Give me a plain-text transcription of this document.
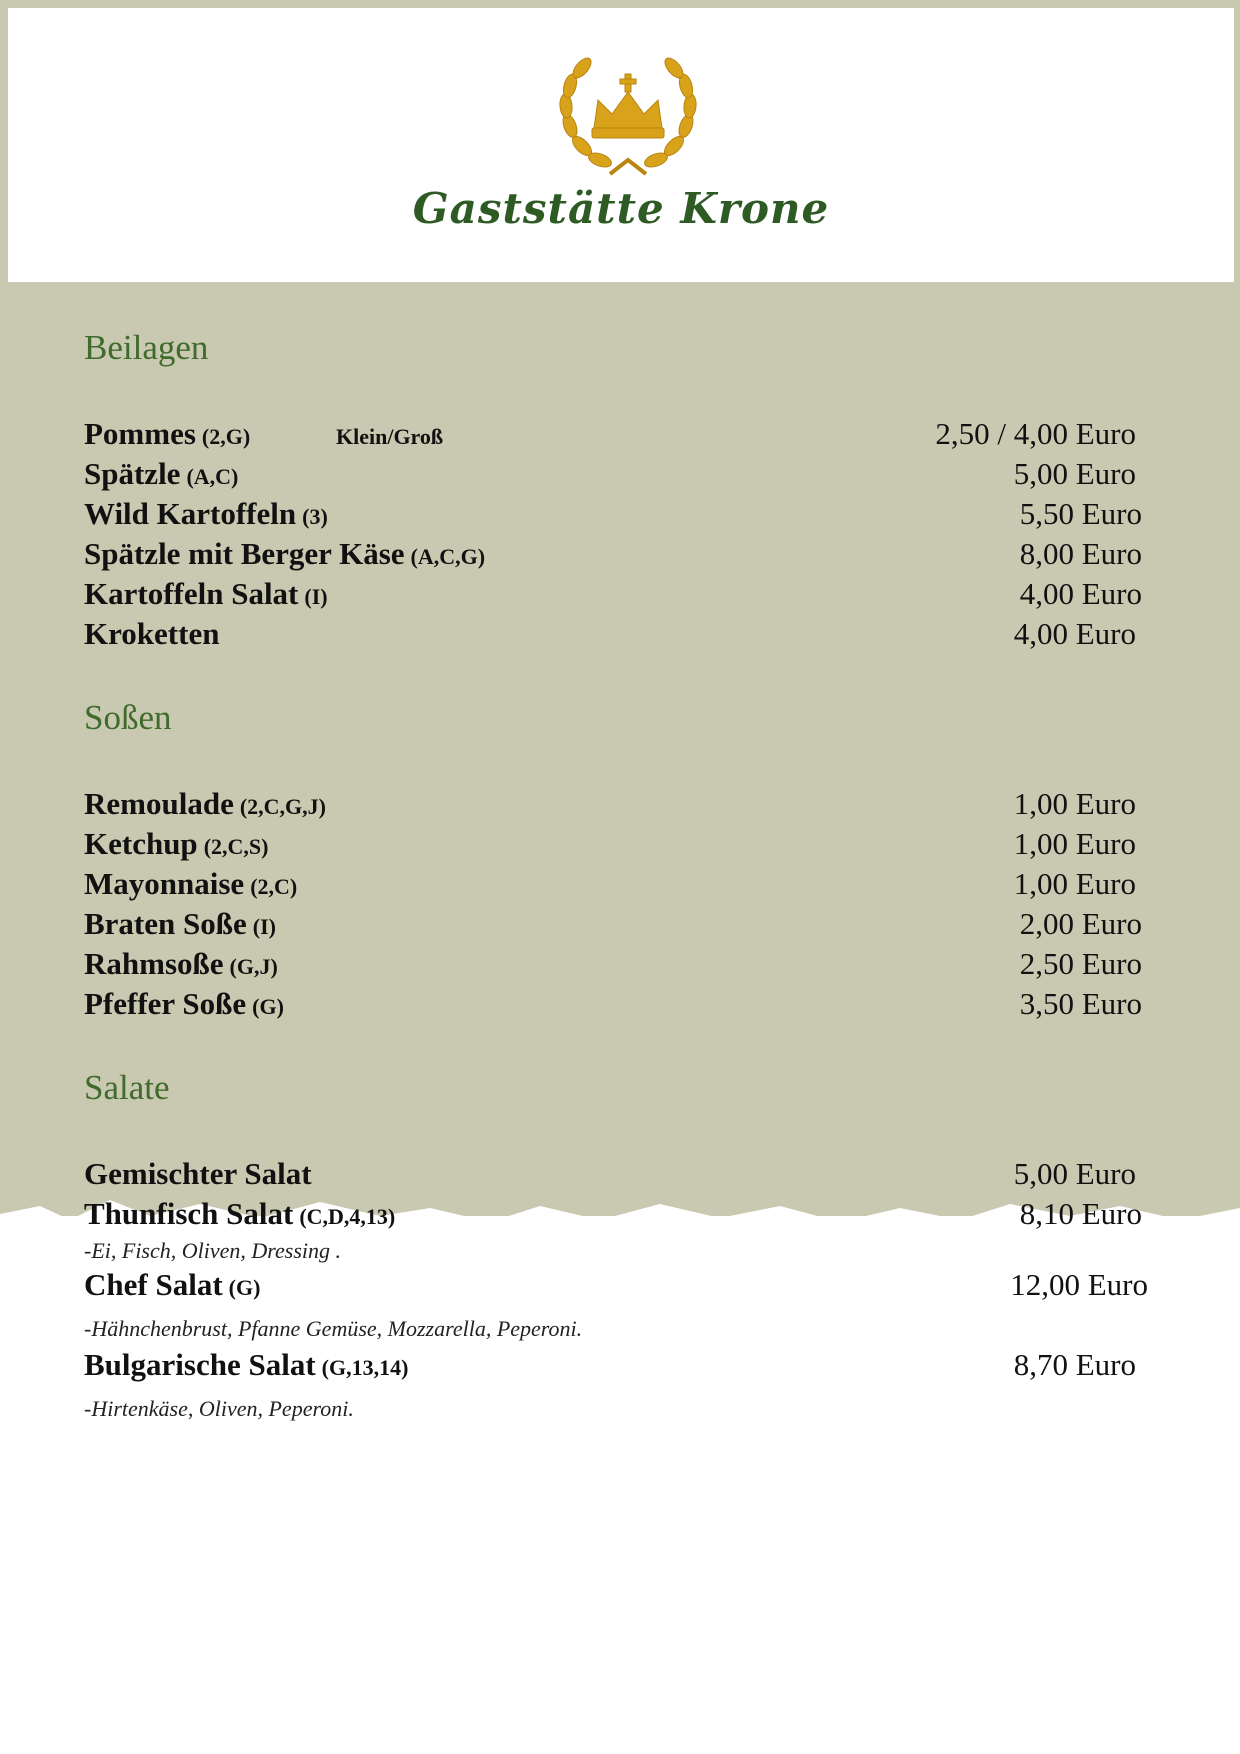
Gaststätte Krone
Beilagen
Pommes (2,G)	Klein/Groß	2,50 / 4,00 Euro
Spätzle (A,C)	5,00 Euro
Wild Kartoffeln (3)	5,50 Euro
Spätzle mit Berger Käse (A,C,G)	8,00 Euro
Kartoffeln Salat (I)	4,00 Euro
Kroketten	4,00 Euro
Soßen
Remoulade (2,C,G,J)	1,00 Euro
Ketchup (2,C,S)	1,00 Euro
Mayonnaise (2,C)	1,00 Euro
Braten Soße (I)	2,00 Euro
Rahmsoße (G,J)	2,50 Euro
Pfeffer Soße (G)	3,50 Euro
Salate
Gemischter Salat	5,00 Euro
Thunfisch Salat (C,D,4,13)	8,10 Euro
-Ei, Fisch, Oliven, Dressing .
Chef Salat (G)	12,00 Euro
-Hähnchenbrust, Pfanne Gemüse, Mozzarella, Peperoni.
Bulgarische Salat (G,13,14)	8,70 Euro
-Hirtenkäse, Oliven, Peperoni.
